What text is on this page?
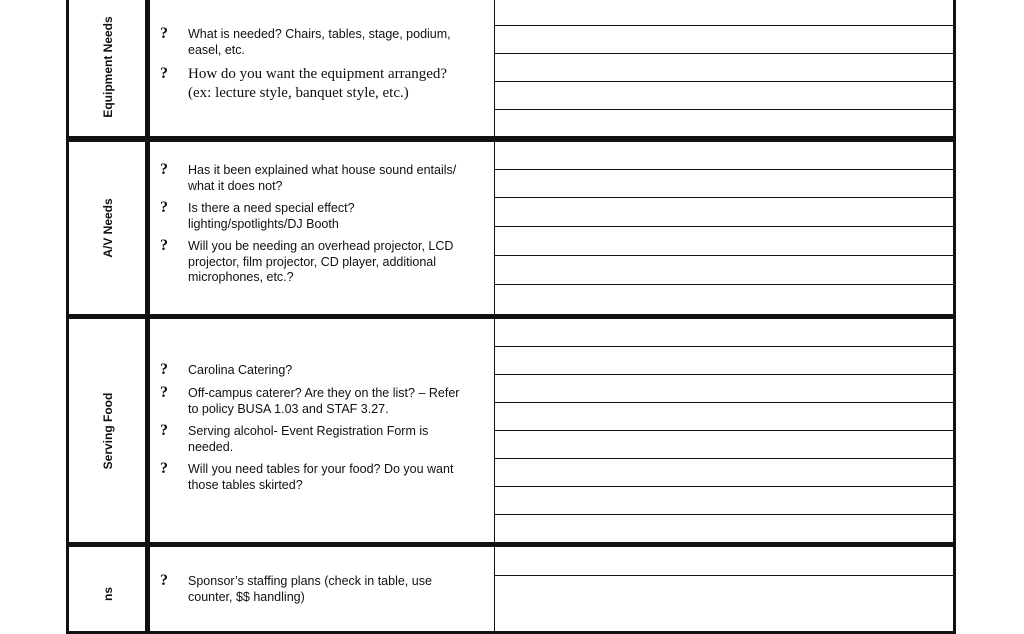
Equipment Needs	? What is needed? Chairs, tables, stage, podium,
easel, etc.
? How do you want the equipment arranged?
(ex: lecture style, banquet style, etc.)
A/V Needs
? Has it been explained what house sound entails/
what it does not?
? Is there a need special effect?
lighting/spotlights/DJ Booth
? Will you be needing an overhead projector, LCD
projector, film projector, CD player, additional
microphones, etc.?
Serving Food
? Carolina Catering?
? Off-campus caterer? Are they on the list? – Refer
to policy BUSA 1.03 and STAF 3.27.
? Serving alcohol- Event Registration Form is
needed.
? Will you need tables for your food? Do you want
those tables skirted?
ns
? Sponsor’s staffing plans (check in table, use
counter, $$ handling)
